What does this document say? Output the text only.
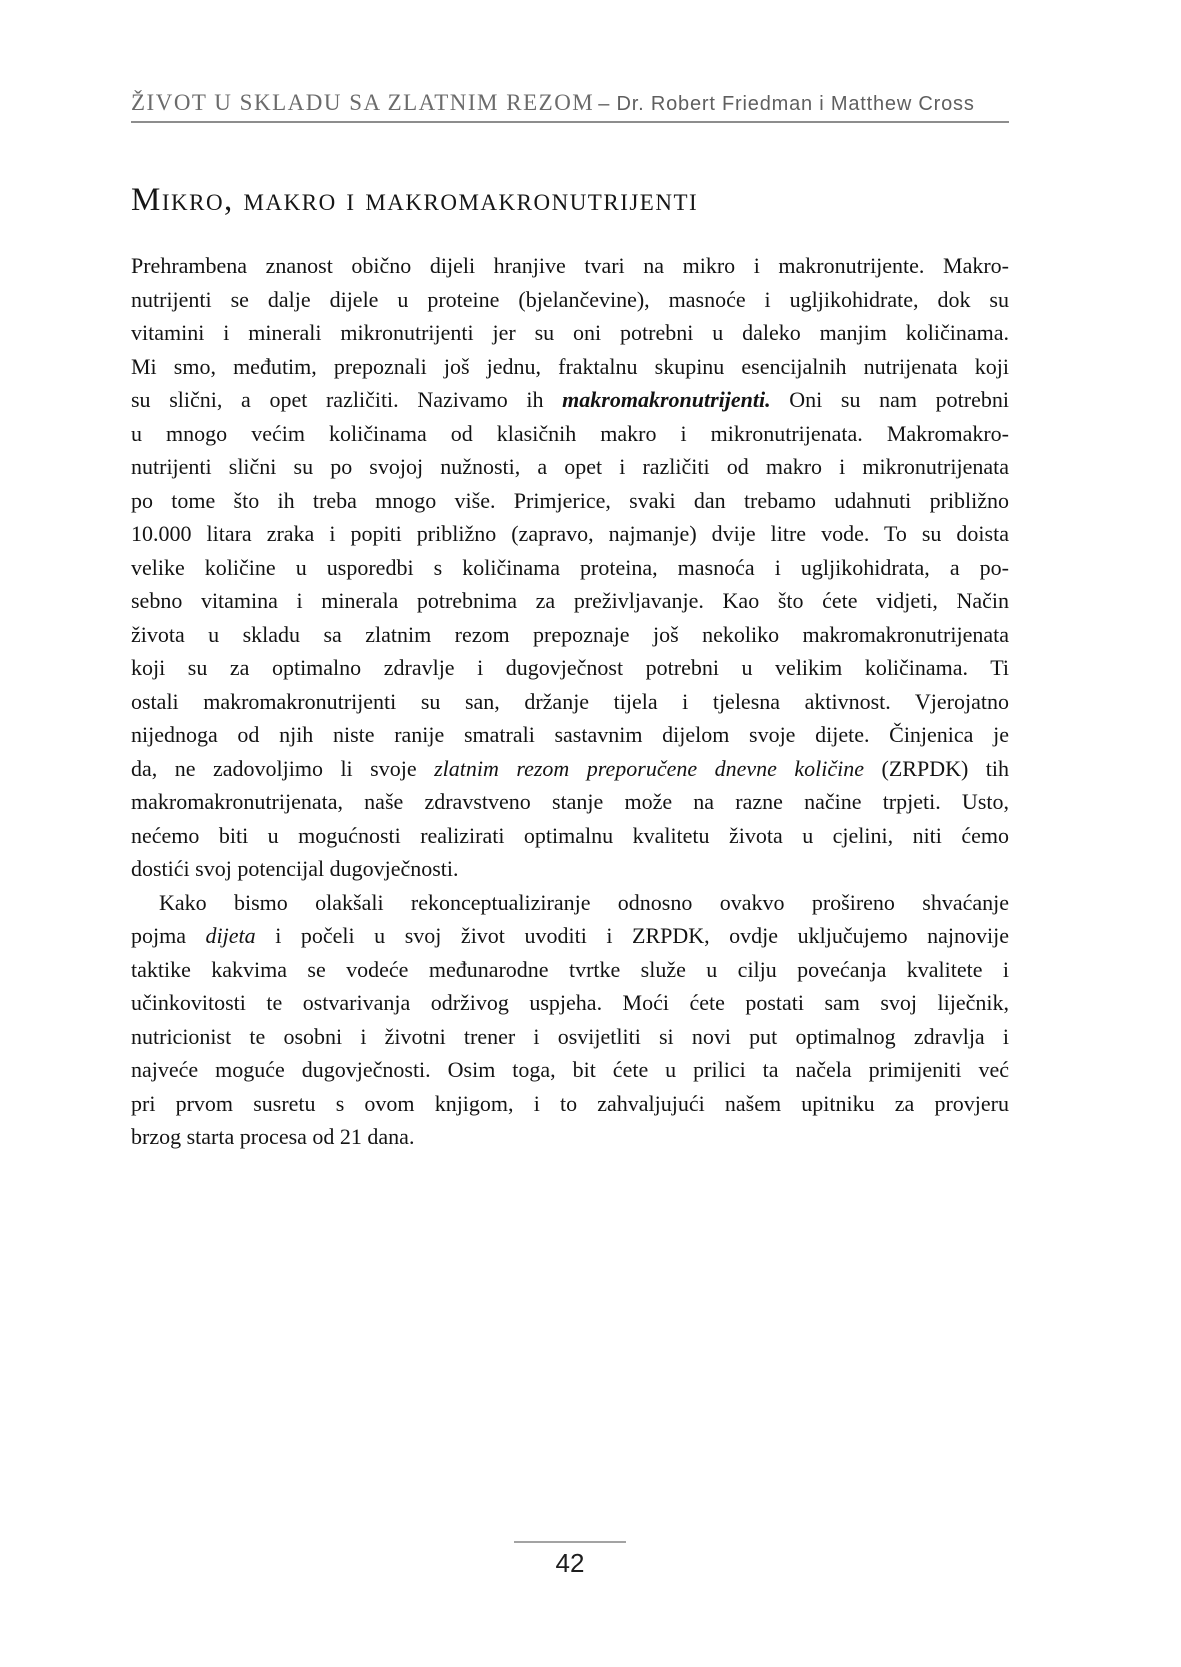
ŽIVOT U SKLADU SA ZLATNIM REZOM – Dr. Robert Friedman i Matthew Cross
Mikro, makro i makromakronutrijenti
Prehrambena znanost obično dijeli hranjive tvari na mikro i makronutrijente. Makro-
nutrijenti se dalje dijele u proteine (bjelančevine), masnoće i ugljikohidrate, dok su
vitamini i minerali mikronutrijenti jer su oni potrebni u daleko manjim količinama.
Mi smo, međutim, prepoznali još jednu, fraktalnu skupinu esencijalnih nutrijenata koji
su slični, a opet različiti. Nazivamo ih makromakronutrijenti. Oni su nam potrebni
u mnogo većim količinama od klasičnih makro i mikronutrijenata. Makromakro-
nutrijenti slični su po svojoj nužnosti, a opet i različiti od makro i mikronutrijenata
po tome što ih treba mnogo više. Primjerice, svaki dan trebamo udahnuti približno
10.000 litara zraka i popiti približno (zapravo, najmanje) dvije litre vode. To su doista
velike količine u usporedbi s količinama proteina, masnoća i ugljikohidrata, a po-
sebno vitamina i minerala potrebnima za preživljavanje. Kao što ćete vidjeti, Način
života u skladu sa zlatnim rezom prepoznaje još nekoliko makromakronutrijenata
koji su za optimalno zdravlje i dugovječnost potrebni u velikim količinama. Ti
ostali makromakronutrijenti su san, držanje tijela i tjelesna aktivnost. Vjerojatno
nijednoga od njih niste ranije smatrali sastavnim dijelom svoje dijete. Činjenica je
da, ne zadovoljimo li svoje zlatnim rezom preporučene dnevne količine (ZRPDK) tih
makromakronutrijenata, naše zdravstveno stanje može na razne načine trpjeti. Usto,
nećemo biti u mogućnosti realizirati optimalnu kvalitetu života u cjelini, niti ćemo
dostići svoj potencijal dugovječnosti.
Kako bismo olakšali rekonceptualiziranje odnosno ovakvo prošireno shvaćanje
pojma dijeta i počeli u svoj život uvoditi i ZRPDK, ovdje uključujemo najnovije
taktike kakvima se vodeće međunarodne tvrtke služe u cilju povećanja kvalitete i
učinkovitosti te ostvarivanja održivog uspjeha. Moći ćete postati sam svoj liječnik,
nutricionist te osobni i životni trener i osvijetliti si novi put optimalnog zdravlja i
najveće moguće dugovječnosti. Osim toga, bit ćete u prilici ta načela primijeniti već
pri prvom susretu s ovom knjigom, i to zahvaljujući našem upitniku za provjeru
brzog starta procesa od 21 dana.
42
